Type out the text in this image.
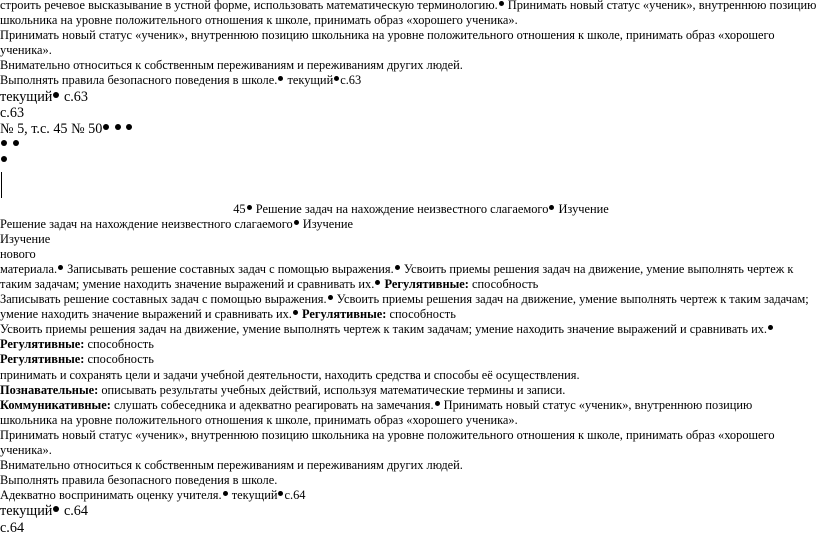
строить речевое высказывание в устной форме, использовать математическую терминологию. Принимать новый статус «ученик», внутреннюю позицию
школьника на уровне положительного отношения к школе, принимать образ «хорошего ученика».
Принимать новый статус «ученик», внутреннюю позицию школьника на уровне положительного отношения к школе, принимать образ «хорошего ученика».
Внимательно относиться к собственным переживаниям и переживаниям других людей.
Выполнять правила безопасного поведения в школе. текущий с.63
текущий с.63
с.63
№ 5, т.с. 45 № 50

45 Решение задач на нахождение неизвестного слагаемого Изучение
Решение задач на нахождение неизвестного слагаемого Изучение
Изучение
нового
материала. Записывать решение составных задач с помощью выражения. Усвоить приемы решения задач на движение, умение выполнять чертеж к таким задачам; умение находить значение выражений и сравнивать их. Регулятивные: способность
Записывать решение составных задач с помощью выражения. Усвоить приемы решения задач на движение, умение выполнять чертеж к таким задачам; умение находить значение выражений и сравнивать их. Регулятивные: способность
Усвоить приемы решения задач на движение, умение выполнять чертеж к таким задачам; умение находить значение выражений и сравнивать их. Регулятивные: способность
Регулятивные: способность
принимать и сохранять цели и задачи учебной деятельности, находить средства и способы её осуществления.
Познавательные: описывать результаты учебных действий, используя математические термины и записи.
Коммуникативные: слушать собеседника и адекватно реагировать на замечания. Принимать новый статус «ученик», внутреннюю позицию школьника на уровне положительного отношения к школе, принимать образ «хорошего ученика».
Принимать новый статус «ученик», внутреннюю позицию школьника на уровне положительного отношения к школе, принимать образ «хорошего ученика».
Внимательно относиться к собственным переживаниям и переживаниям других людей.
Выполнять правила безопасного поведения в школе.
Адекватно воспринимать оценку учителя. текущий с.64
текущий с.64
с.64
